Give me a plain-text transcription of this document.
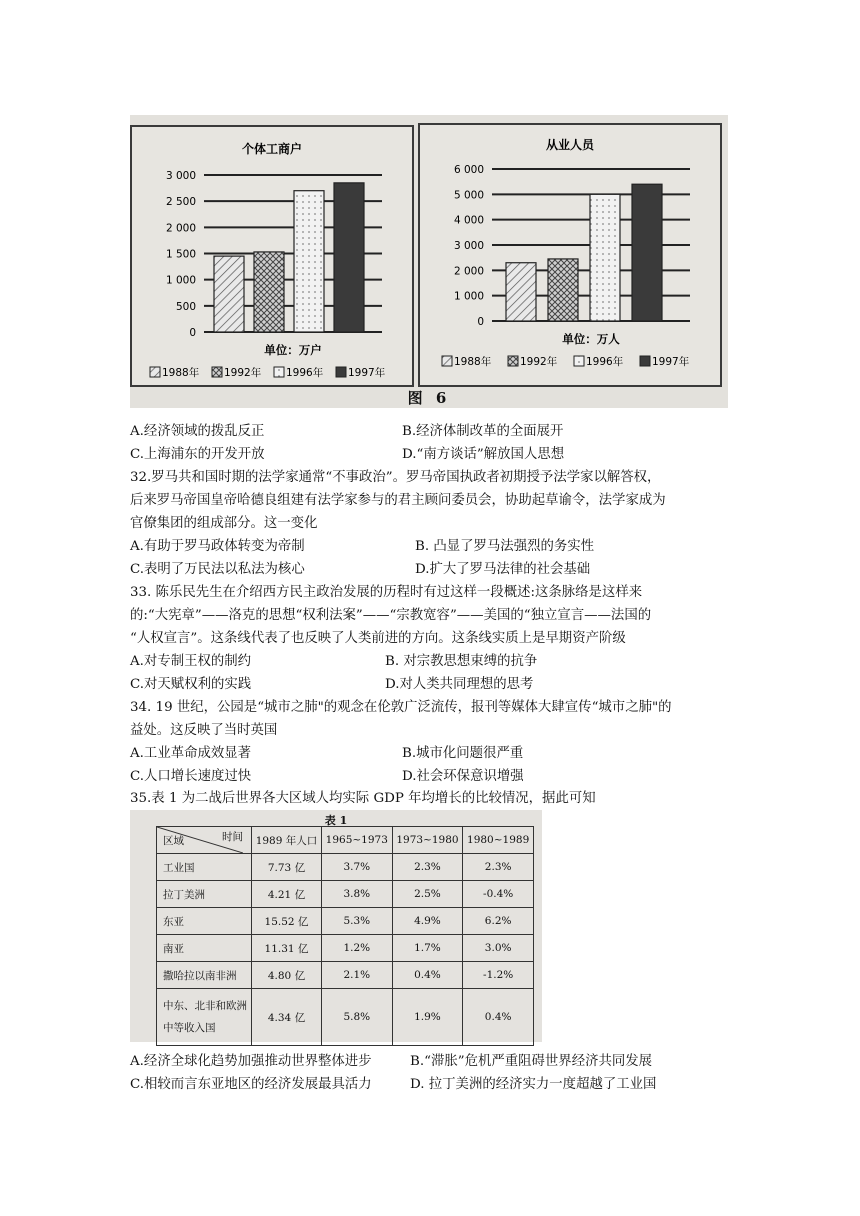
个体工商户
0
500
1 000
1 500
2 000
2 500
3 000
单位：万户
1988年 1992年 1996年 1997年
从业人员
0
1 000
2 000
3 000
4 000
5 000
6 000
单位：万人
1988年	1992年	1996年	1997年
图 6
A.经济领域的拨乱反正	B.经济体制改革的全面展开
C.上海浦东的开发开放	D.“南方谈话”解放国人思想
32.罗马共和国时期的法学家通常“不事政治”。罗马帝国执政者初期授予法学家以解答权，
后来罗马帝国皇帝哈德良组建有法学家参与的君主顾问委员会，协助起草谕令，法学家成为
官僚集团的组成部分。这一变化
A.有助于罗马政体转变为帝制	B. 凸显了罗马法强烈的务实性
C.表明了万民法以私法为核心	D.扩大了罗马法律的社会基础
33. 陈乐民先生在介绍西方民主政治发展的历程时有过这样一段概述:这条脉络是这样来
的:“大宪章”——洛克的思想“权利法案”——“宗教宽容”——美国的“独立宣言——法国的
“人权宣言”。这条线代表了也反映了人类前进的方向。这条线实质上是早期资产阶级
A.对专制王权的制约	B. 对宗教思想束缚的抗争
C.对天赋权利的实践	D.对人类共同理想的思考
34. 19 世纪，公园是“城市之肺"的观念在伦敦广泛流传，报刊等媒体大肆宣传“城市之肺"的
益处。这反映了当时英国
A.工业革命成效显著	B.城市化问题很严重
C.人口增长速度过快	D.社会环保意识增强
35.表 1 为二战后世界各大区域人均实际 GDP 年均增长的比较情况，据此可知
表 1
区域 时间	1989 年人口	1965~1973	1973~1980	1980~1989
工业国	7.73 亿	3.7%	2.3%	2.3%
拉丁美洲	4.21 亿	3.8%	2.5%	-0.4%
东亚	15.52 亿	5.3%	4.9%	6.2%
南亚	11.31 亿	1.2%	1.7%	3.0%
撒哈拉以南非洲	4.80 亿	2.1%	0.4%	-1.2%
中东、北非和欧洲中等收入国	4.34 亿	5.8%	1.9%	0.4%
A.经济全球化趋势加强推动世界整体进步	B.“滞胀”危机严重阻碍世界经济共同发展
C.相较而言东亚地区的经济发展最具活力	D. 拉丁美洲的经济实力一度超越了工业国
